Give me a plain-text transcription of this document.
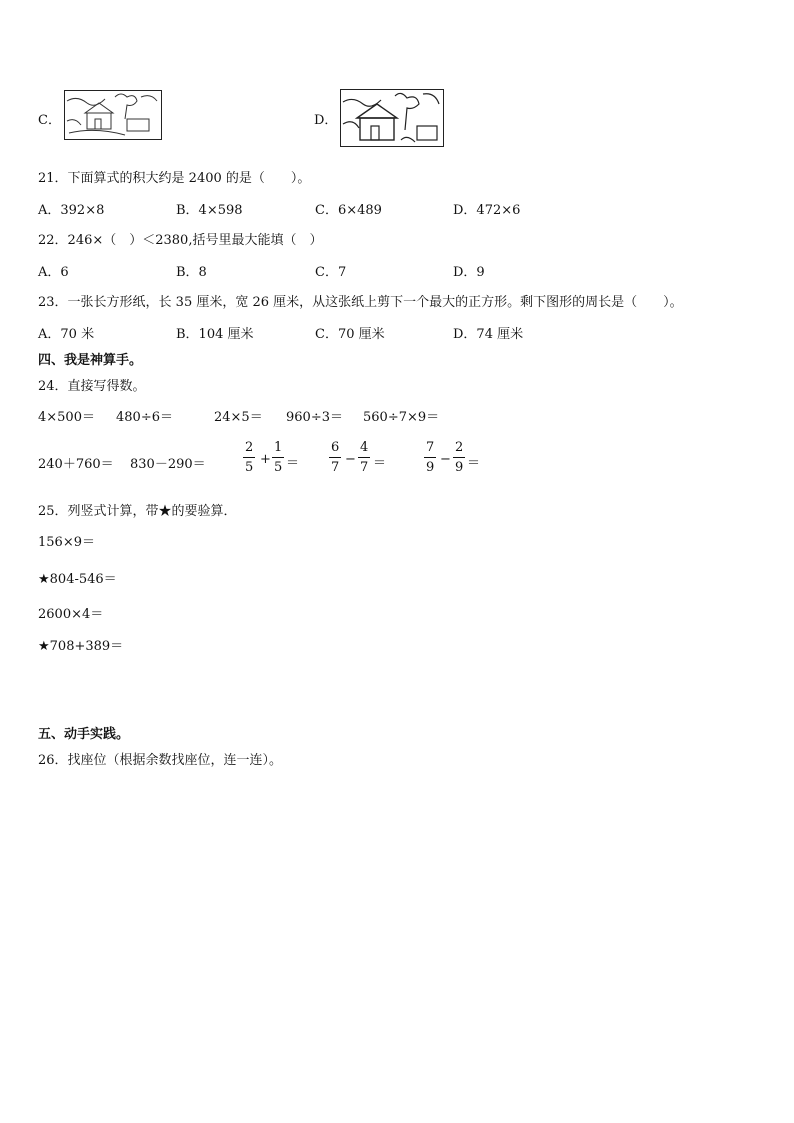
C．	D．
21．下面算式的积大约是 2400 的是（　　）。
A．392×8	B．4×598	C．6×489	D．472×6
22．246×（　）＜2380,括号里最大能填（　）
A．6	B．8	C．7	D．9
23．一张长方形纸，长 35 厘米，宽 26 厘米，从这张纸上剪下一个最大的正方形。剩下图形的周长是（　　）。
A．70 米	B．104 厘米	C．70 厘米	D．74 厘米
四、我是神算手。
24．直接写得数。
4×500＝ 480÷6＝	24×5＝ 960÷3＝ 560÷7×9＝
240＋760＝ 830－290＝
2
5
+
1
5 ＝
6
7
−
4
7 ＝
7
9
−
2
9 ＝
25．列竖式计算，带★的要验算．
156×9＝
★804-546＝
2600×4＝
★708+389＝
五、动手实践。
26．找座位（根据余数找座位，连一连）。
